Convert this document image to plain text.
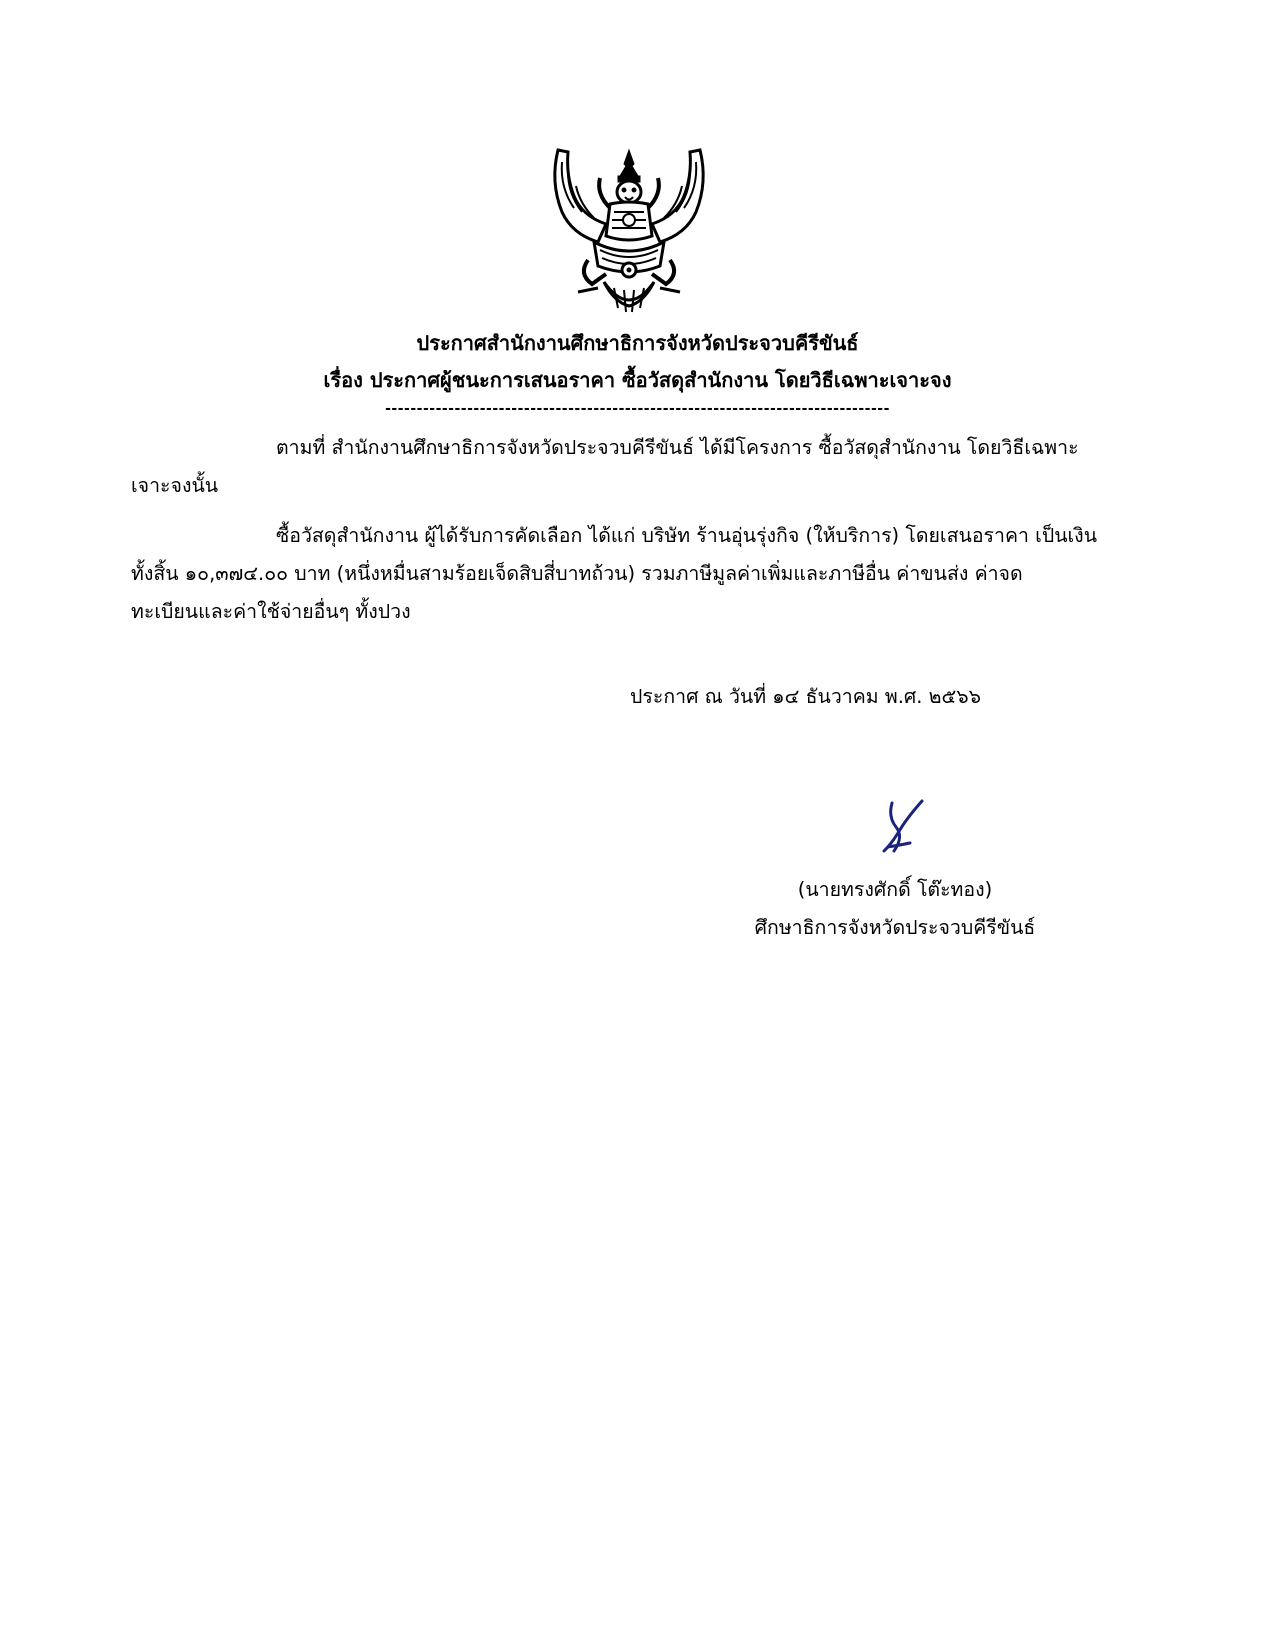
ประกาศสำนักงานศึกษาธิการจังหวัดประจวบคีรีขันธ์
เรื่อง ประกาศผู้ชนะการเสนอราคา ซื้อวัสดุสำนักงาน โดยวิธีเฉพาะเจาะจง
--------------------------------------------------------------------------------
ตามที่ สำนักงานศึกษาธิการจังหวัดประจวบคีรีขันธ์ ได้มีโครงการ ซื้อวัสดุสำนักงาน โดยวิธีเฉพาะ
เจาะจงนั้น
ซื้อวัสดุสำนักงาน ผู้ได้รับการคัดเลือก ได้แก่ บริษัท ร้านอุ่นรุ่งกิจ (ให้บริการ) โดยเสนอราคา เป็นเงิน
ทั้งสิ้น ๑๐,๓๗๔.๐๐ บาท (หนึ่งหมื่นสามร้อยเจ็ดสิบสี่บาทถ้วน) รวมภาษีมูลค่าเพิ่มและภาษีอื่น ค่าขนส่ง ค่าจด
ทะเบียนและค่าใช้จ่ายอื่นๆ ทั้งปวง
ประกาศ ณ วันที่ ๑๔ ธันวาคม พ.ศ. ๒๕๖๖
(นายทรงศักดิ์ โต๊ะทอง)
ศึกษาธิการจังหวัดประจวบคีรีขันธ์
